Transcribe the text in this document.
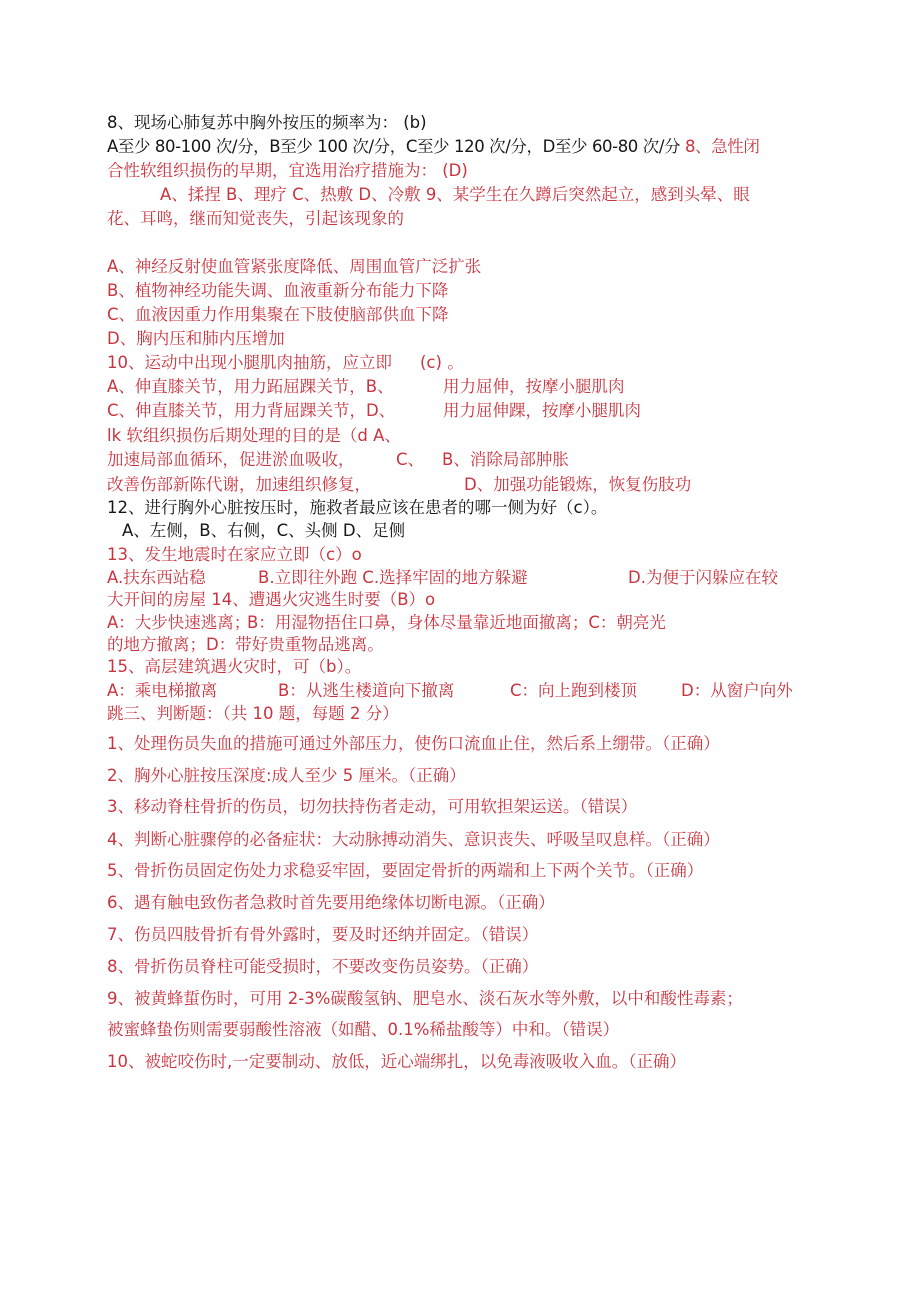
8、现场心肺复苏中胸外按压的频率为： (b)
A至少 80-100 次/分，B至少 100 次/分，C至少 120 次/分，D至少 60-80 次/分 8、急性闭
合性软组织损伤的早期，宜选用治疗措施为： (D)
A、揉捏 B、理疗 C、热敷 D、冷敷 9、某学生在久蹲后突然起立，感到头晕、眼
花、耳鸣，继而知觉丧失，引起该现象的
A、神经反射使血管紧张度降低、周围血管广泛扩张
B、植物神经功能失调、血液重新分布能力下降
C、血液因重力作用集聚在下肢使脑部供血下降
D、胸内压和肺内压增加
10、运动中出现小腿肌肉抽筋，应立即 (c) 。
A、伸直膝关节，用力跖屈踝关节，B、	用力屈伸，按摩小腿肌肉
C、伸直膝关节，用力背屈踝关节，D、	用力屈伸踝，按摩小腿肌肉
lk 软组织损伤后期处理的目的是（d A、
加速局部血循环，促进淤血吸收，	C、 B、消除局部肿胀
改善伤部新陈代谢，加速组织修复，	D、加强功能锻炼，恢复伤肢功
12、进行胸外心脏按压时，施救者最应该在患者的哪一侧为好（c）。
A、左侧，B、右侧，C、头侧 D、足侧
13、发生地震时在家应立即（c）o
A.扶东西站稳	B.立即往外跑 C.选择牢固的地方躲避	D.为便于闪躲应在较
大开间的房屋 14、遭遇火灾逃生时要（B）o
A：大步快速逃离；
B：用湿物捂住口鼻，身体尽量靠近地面撤离；C：朝亮光
的地方撤离；D：带好贵重物品逃离。
15、高层建筑遇火灾时，可（b）。
A：乘电梯撤离	B：从逃生楼道向下撤离	C：向上跑到楼顶	D：从窗户向外
跳三、判断题：（共 10 题，每题 2 分）
1、处理伤员失血的措施可通过外部压力，使伤口流血止住，然后系上绷带。（正确）
2、胸外心脏按压深度:成人至少 5 厘米。（正确）
3、移动脊柱骨折的伤员，切勿扶持伤者走动，可用软担架运送。（错误）
4、判断心脏骤停的必备症状：大动脉搏动消失、意识丧失、呼吸呈叹息样。（正确）
5、骨折伤员固定伤处力求稳妥牢固，要固定骨折的两端和上下两个关节。（正确）
6、遇有触电致伤者急救时首先要用绝缘体切断电源。（正确）
7、伤员四肢骨折有骨外露时，要及时还纳并固定。（错误）
8、骨折伤员脊柱可能受损时，不要改变伤员姿势。（正确）
9、被黄蜂蜇伤时，可用 2-3%碳酸氢钠、肥皂水、淡石灰水等外敷，以中和酸性毒素；
被蜜蜂蛰伤则需要弱酸性溶液（如醋、0.1%稀盐酸等）中和。（错误）
10、被蛇咬伤时,一定要制动、放低，近心端绑扎，以免毒液吸收入血。（正确）
